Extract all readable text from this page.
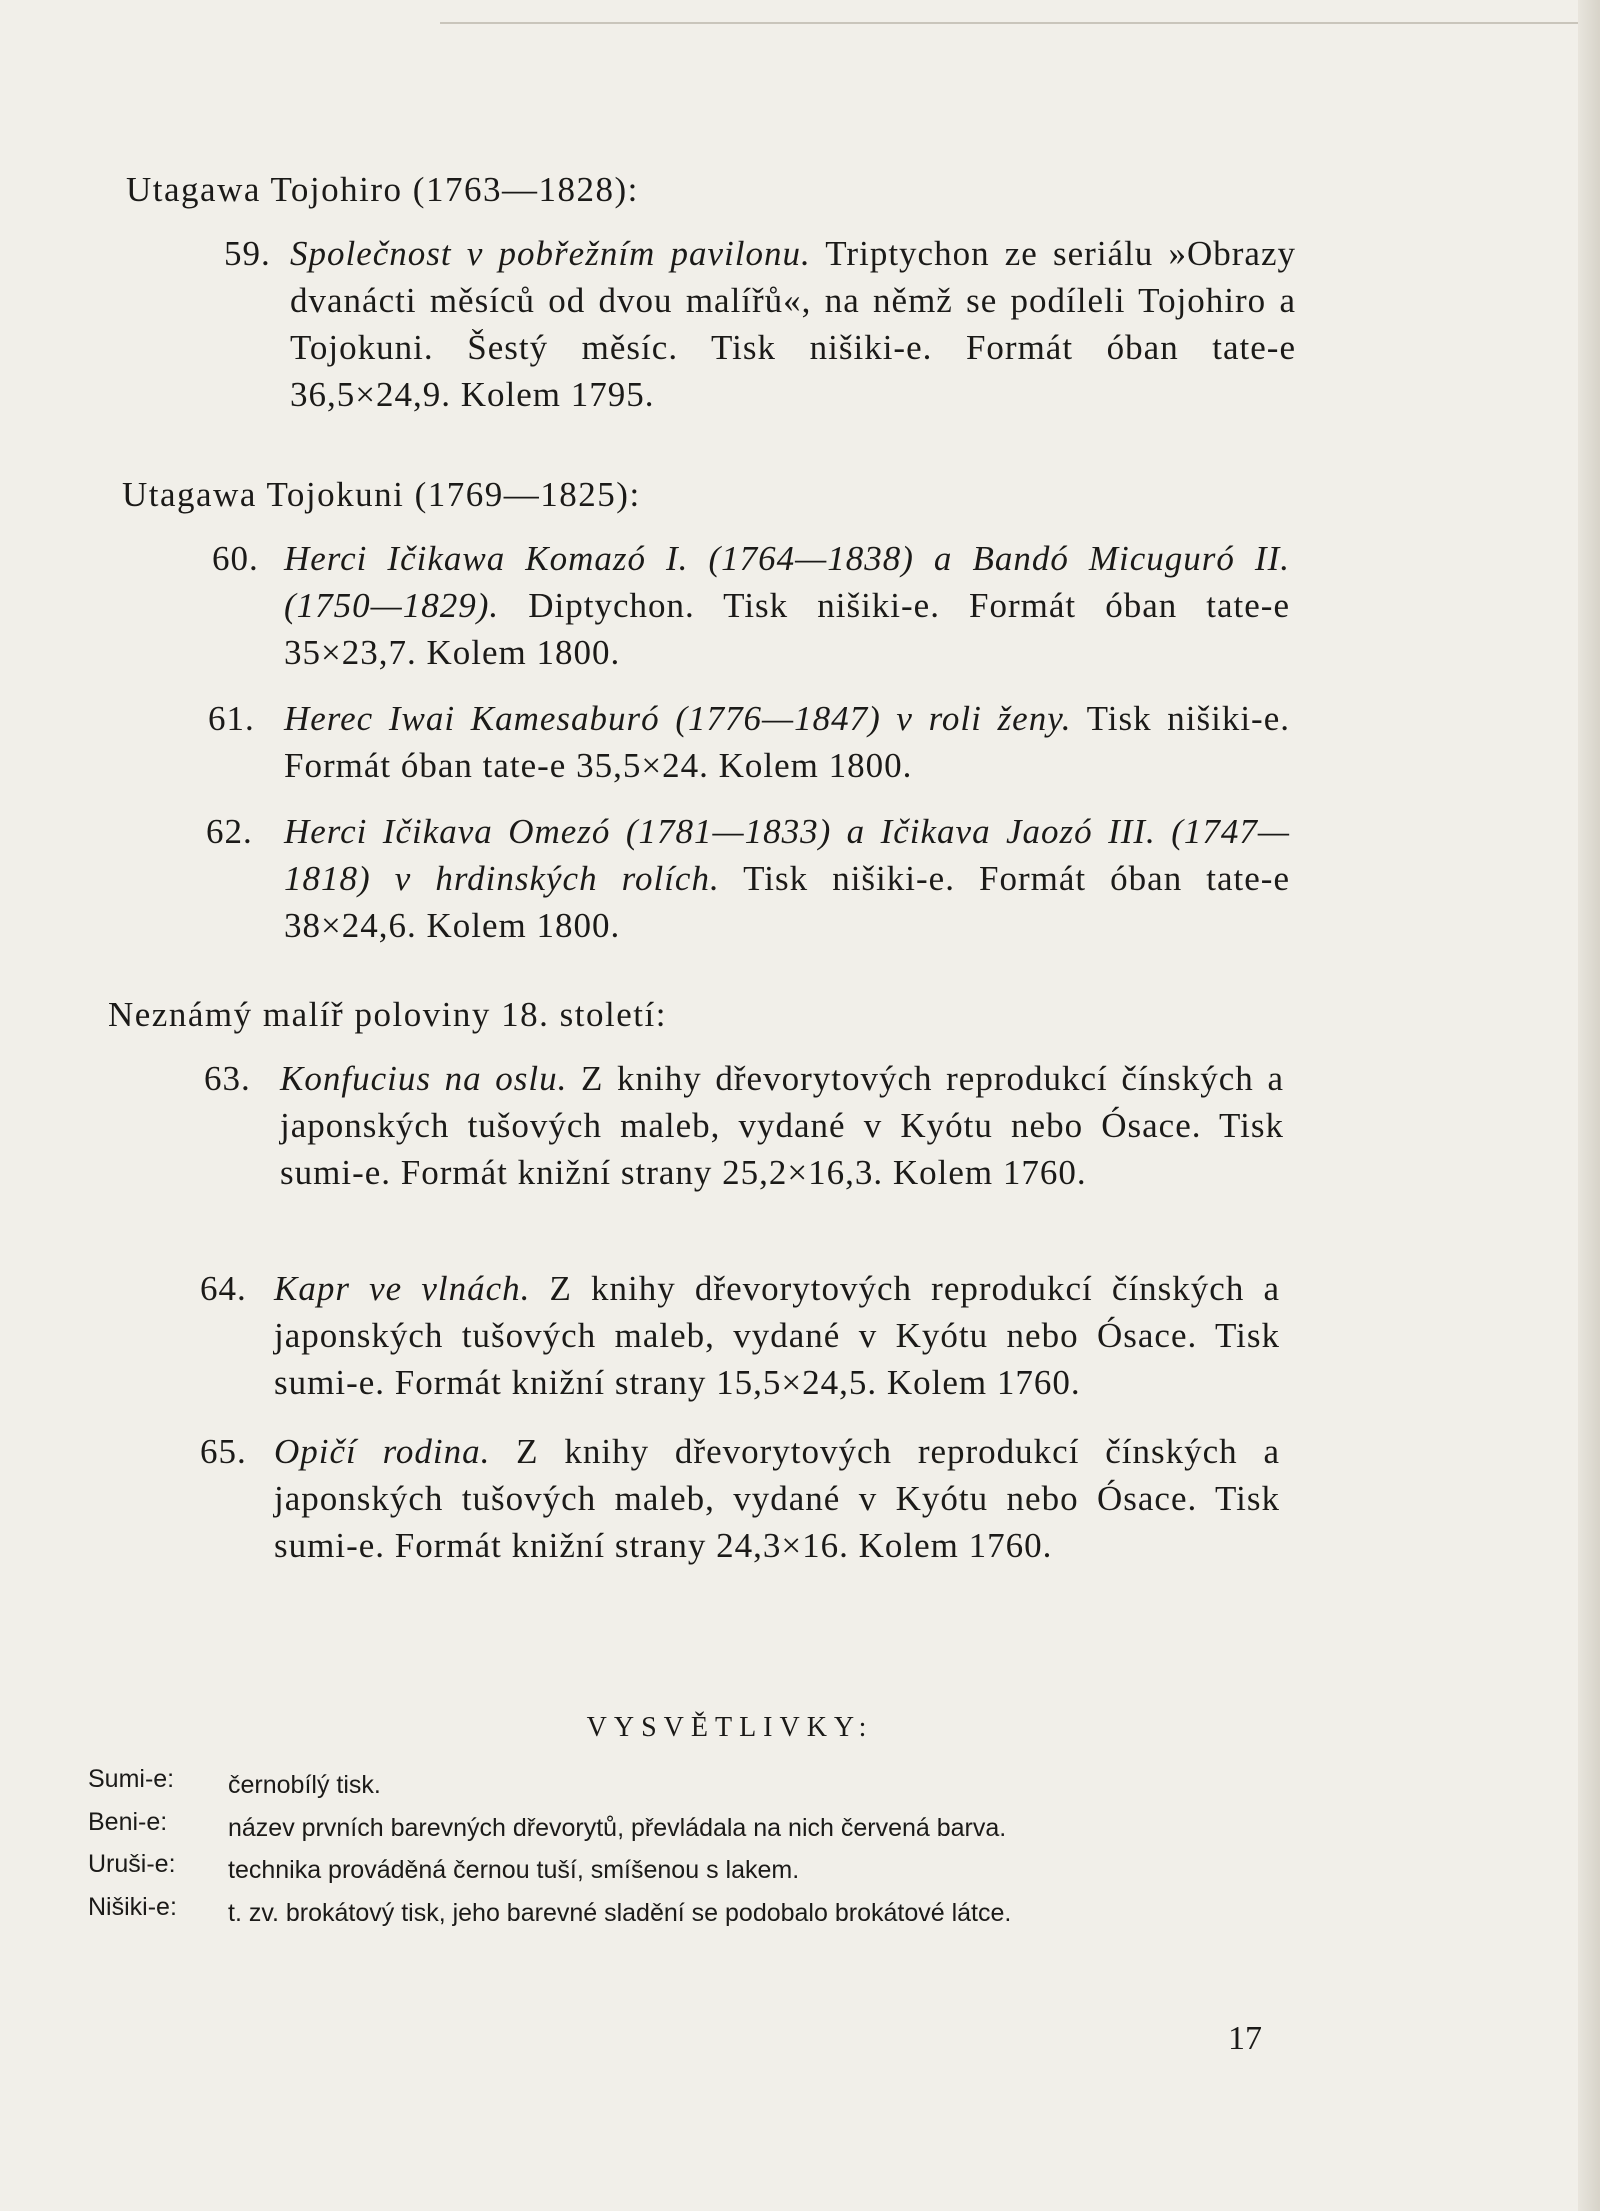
Utagawa Tojohiro (1763—1828):
59. Společnost v pobřežním pavilonu. Triptychon ze seriálu »Obrazy dvanácti měsíců od dvou malířů«, na němž se podíleli Tojohiro a Tojokuni. Šestý měsíc. Tisk nišiki-e. Formát óban tate-e 36,5×24,9. Kolem 1795.
Utagawa Tojokuni (1769—1825):
60. Herci Ičikawa Komazó I. (1764—1838) a Bandó Micuguró II. (1750—1829). Diptychon. Tisk nišiki-e. Formát óban tate-e 35×23,7. Kolem 1800.
61. Herec Iwai Kamesaburó (1776—1847) v roli ženy. Tisk nišiki-e. Formát óban tate-e 35,5×24. Kolem 1800.
62. Herci Ičikava Omezó (1781—1833) a Ičikava Jaozó III. (1747—1818) v hrdinských rolích. Tisk nišiki-e. Formát óban tate-e 38×24,6. Kolem 1800.
Neznámý malíř poloviny 18. století:
63. Konfucius na oslu. Z knihy dřevorytových reprodukcí čínských a japonských tušových maleb, vydané v Kyótu nebo Ósace. Tisk sumi-e. Formát knižní strany 25,2×16,3. Kolem 1760.
64. Kapr ve vlnách. Z knihy dřevorytových reprodukcí čínských a japonských tušových maleb, vydané v Kyótu nebo Ósace. Tisk sumi-e. Formát knižní strany 15,5×24,5. Kolem 1760.
65. Opičí rodina. Z knihy dřevorytových reprodukcí čínských a japonských tušových maleb, vydané v Kyótu nebo Ósace. Tisk sumi-e. Formát knižní strany 24,3×16. Kolem 1760.
VYSVĚTLIVKY:
Sumi-e: černobílý tisk.
Beni-e: název prvních barevných dřevorytů, převládala na nich červená barva.
Uruši-e: technika prováděná černou tuší, smíšenou s lakem.
Nišiki-e: t. zv. brokátový tisk, jeho barevné sladění se podobalo brokátové látce.
17
